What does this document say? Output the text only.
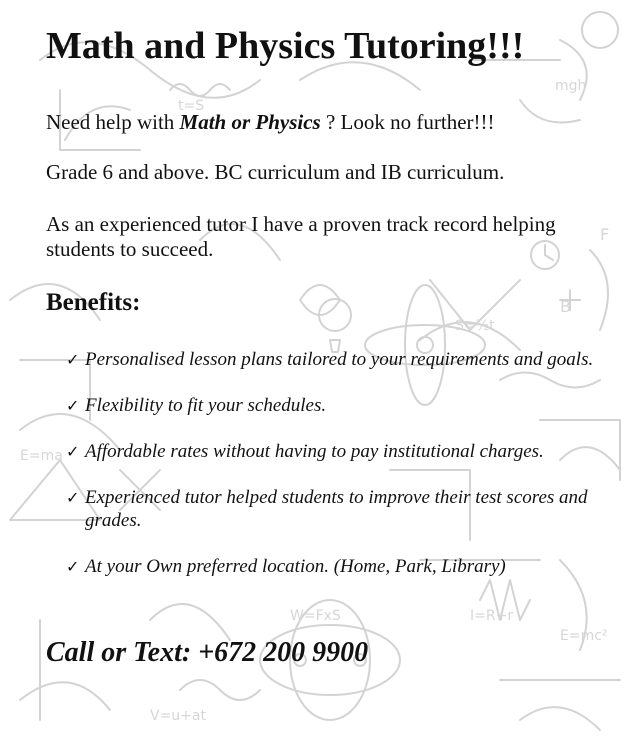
t=S
S=½t
mgh
B
F
E=ma
W=FxS	I=R+r
E=mc²
V=u+at
Math and Physics Tutoring!!!

Need help with Math or Physics ? Look no further!!!

Grade 6 and above. BC curriculum and IB curriculum.

As an experienced tutor I have a proven track record helping students to succeed.

Benefits:
✓ Personalised lesson plans tailored to your requirements and goals.
✓ Flexibility to fit your schedules.
✓ Affordable rates without having to pay institutional charges.
✓ Experienced tutor helped students to improve their test scores and grades.
✓ At your Own preferred location. (Home, Park, Library)

Call or Text: +672 200 9900
